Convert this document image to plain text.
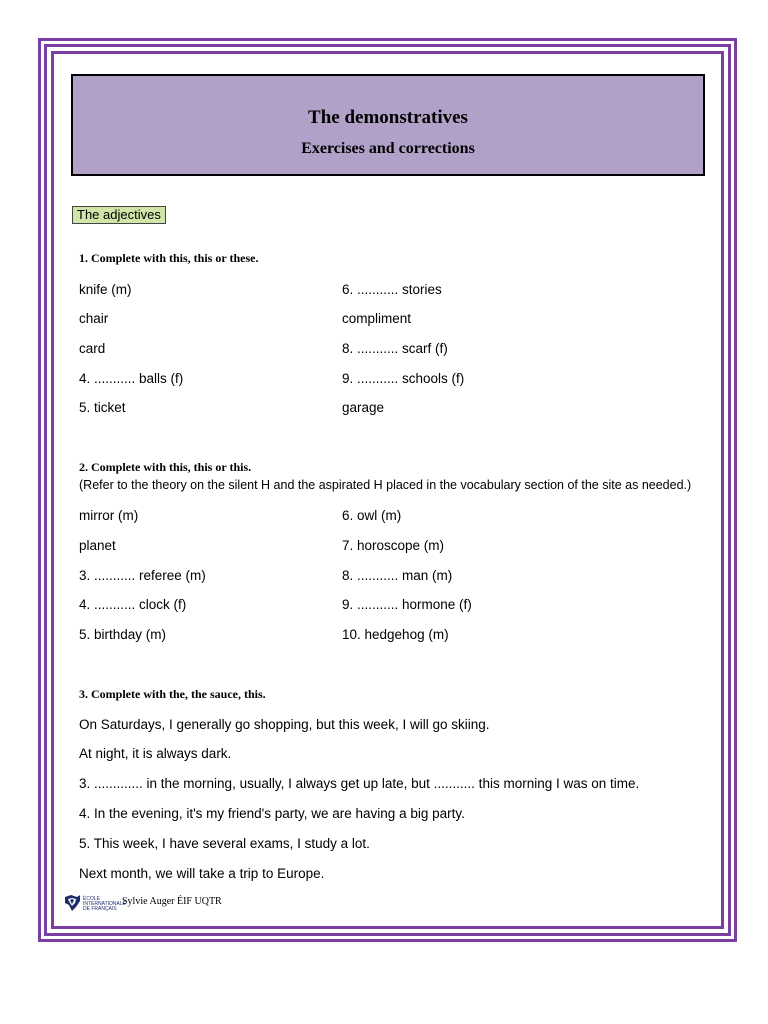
The demonstratives
Exercises and corrections
The adjectives
1. Complete with this, this or these.
knife (m)
chair
card
4. ........... balls (f)
5. ticket
6. ........... stories
compliment
8. ........... scarf (f)
9. ........... schools (f)
garage
2. Complete with this, this or this.
(Refer to the theory on the silent H and the aspirated H placed in the vocabulary section of the site as needed.)
mirror (m)
planet
3. ........... referee (m)
4. ........... clock (f)
5. birthday (m)
6. owl (m)
7. horoscope (m)
8. ........... man (m)
9. ........... hormone (f)
10. hedgehog (m)
3. Complete with the, the sauce, this.
On Saturdays, I generally go shopping, but this week, I will go skiing.
At night, it is always dark.
3. ............. in the morning, usually, I always get up late, but ........... this morning I was on time.
4. In the evening, it's my friend's party, we are having a big party.
5. This week, I have several exams, I study a lot.
Next month, we will take a trip to Europe.
ÉCOLE
INTERNATIONALE
DE FRANÇAIS
Sylvie Auger ÉIF UQTR
